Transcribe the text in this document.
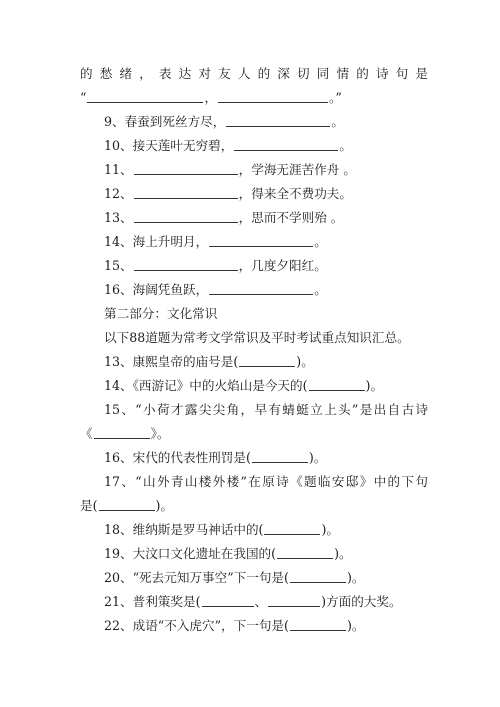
的愁绪，表达对友人的深切同情的诗句是
“	，	。”
9、春蚕到死丝方尽，	。
10、接天莲叶无穷碧，	。
11、	，学海无涯苦作舟 。
12、	，得来全不费功夫。
13、	，思而不学则殆 。
14、海上升明月，	。
15、	，几度夕阳红。
16、海阔凭鱼跃，	。
第二部分：文化常识
以下88道题为常考文学常识及平时考试重点知识汇总。
13、康熙皇帝的庙号是(	)。
14、《西游记》中的火焰山是今天的(	)。
15、“小荷才露尖尖角，早有蜻蜓立上头”是出自古诗
《	》。
16、宋代的代表性刑罚是(	)。
17、“山外青山楼外楼”在原诗《题临安邸》中的下句
是(	)。
18、维纳斯是罗马神话中的(	)。
19、大汶口文化遗址在我国的(	)。
20、“死去元知万事空”下一句是(	)。
21、普利策奖是(	、	)方面的大奖。
22、成语“不入虎穴”，下一句是(	)。
